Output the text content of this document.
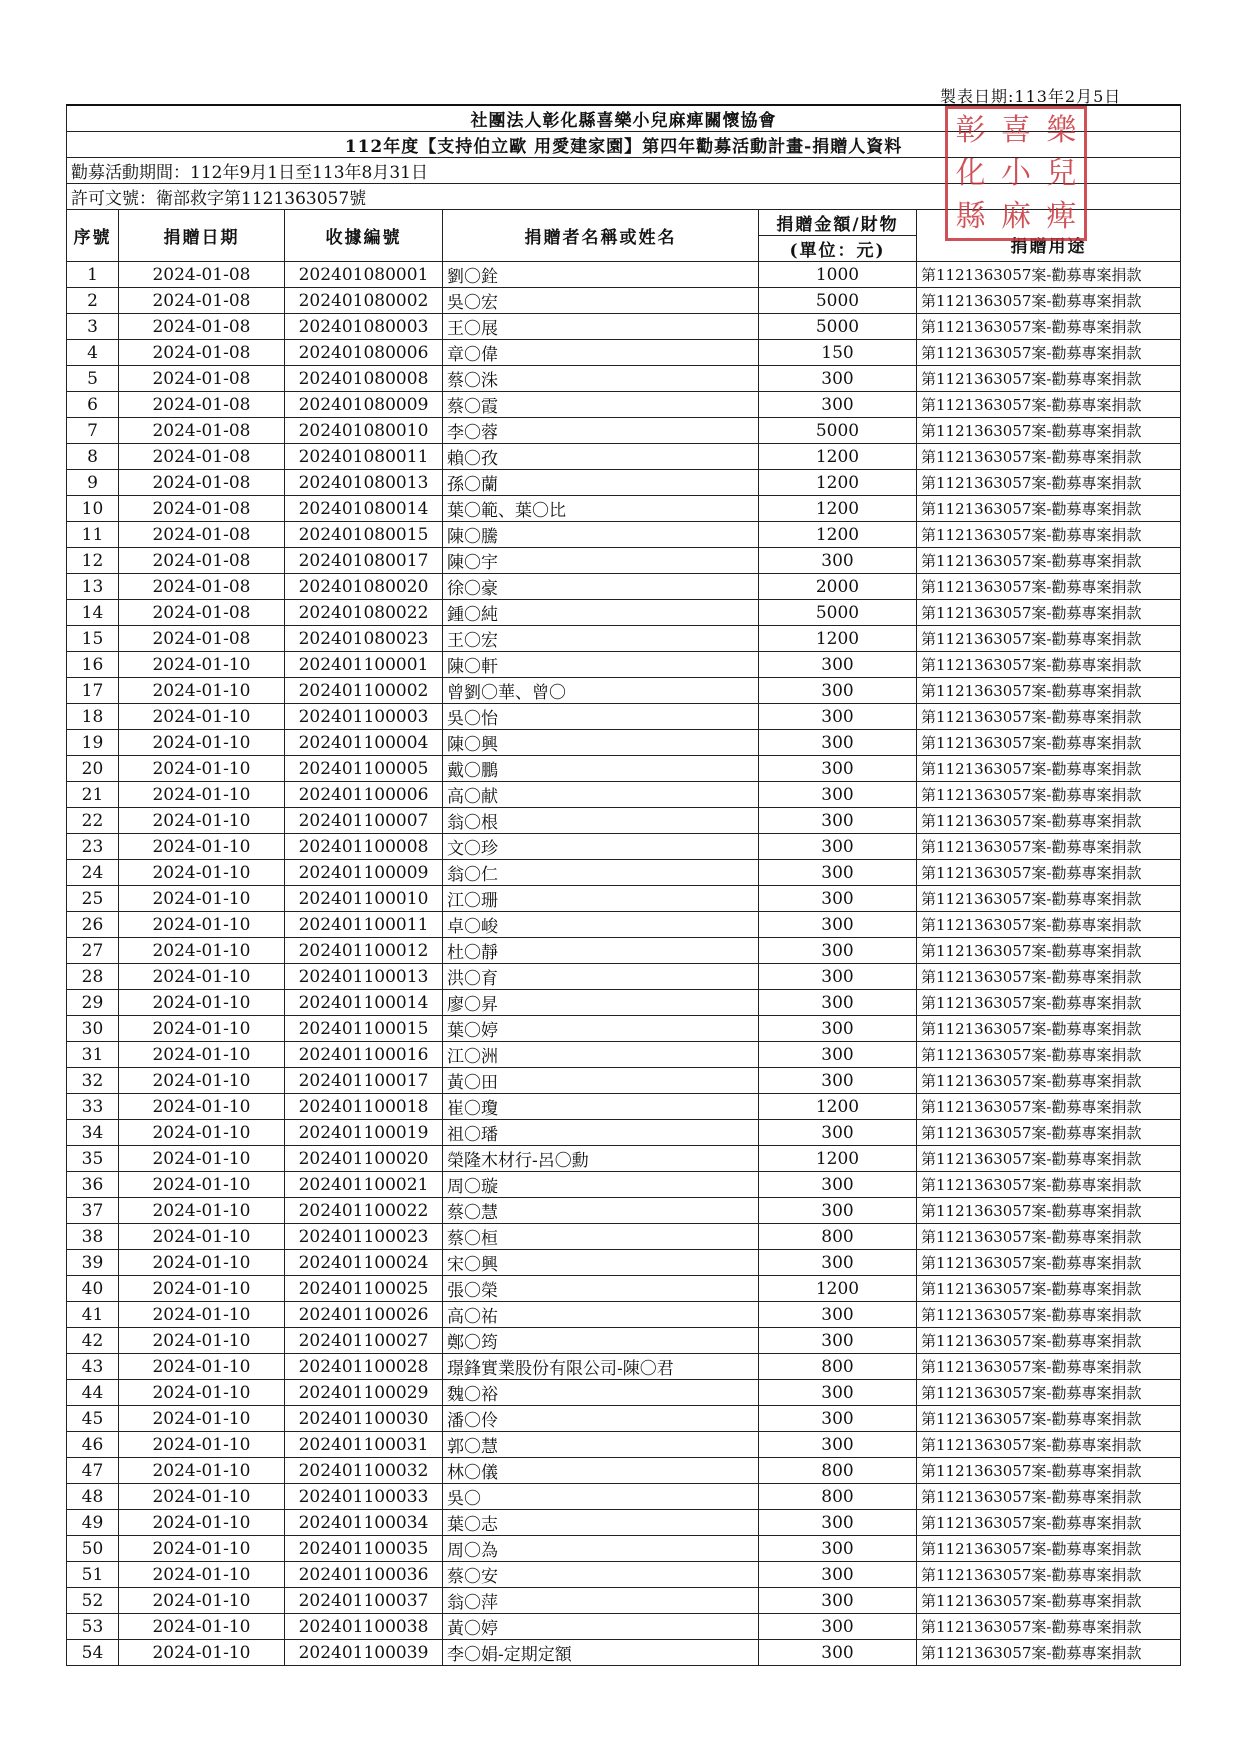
製表日期:113年2月5日
社團法人彰化縣喜樂小兒麻痺關懷協會					
112年度【支持伯立歐 用愛建家園】第四年勸募活動計畫-捐贈人資料					
勸募活動期間：112年9月1日至113年8月31日					
許可文號：衛部救字第1121363057號					
序號	捐贈日期	收據編號	捐贈者名稱或姓名	捐贈金額/財物	捐贈用途
				(單位：元)	
1	2024-01-08	202401080001	劉〇銓	1000	第1121363057案-勸募專案捐款
2	2024-01-08	202401080002	吳〇宏	5000	第1121363057案-勸募專案捐款
3	2024-01-08	202401080003	王〇展	5000	第1121363057案-勸募專案捐款
4	2024-01-08	202401080006	章〇偉	150	第1121363057案-勸募專案捐款
5	2024-01-08	202401080008	蔡〇洙	300	第1121363057案-勸募專案捐款
6	2024-01-08	202401080009	蔡〇霞	300	第1121363057案-勸募專案捐款
7	2024-01-08	202401080010	李〇蓉	5000	第1121363057案-勸募專案捐款
8	2024-01-08	202401080011	賴〇孜	1200	第1121363057案-勸募專案捐款
9	2024-01-08	202401080013	孫〇蘭	1200	第1121363057案-勸募專案捐款
10	2024-01-08	202401080014	葉〇範、葉〇比	1200	第1121363057案-勸募專案捐款
11	2024-01-08	202401080015	陳〇騰	1200	第1121363057案-勸募專案捐款
12	2024-01-08	202401080017	陳〇宇	300	第1121363057案-勸募專案捐款
13	2024-01-08	202401080020	徐〇豪	2000	第1121363057案-勸募專案捐款
14	2024-01-08	202401080022	鍾〇純	5000	第1121363057案-勸募專案捐款
15	2024-01-08	202401080023	王〇宏	1200	第1121363057案-勸募專案捐款
16	2024-01-10	202401100001	陳〇軒	300	第1121363057案-勸募專案捐款
17	2024-01-10	202401100002	曾劉〇華、曾〇	300	第1121363057案-勸募專案捐款
18	2024-01-10	202401100003	吳〇怡	300	第1121363057案-勸募專案捐款
19	2024-01-10	202401100004	陳〇興	300	第1121363057案-勸募專案捐款
20	2024-01-10	202401100005	戴〇鵬	300	第1121363057案-勸募專案捐款
21	2024-01-10	202401100006	高〇献	300	第1121363057案-勸募專案捐款
22	2024-01-10	202401100007	翁〇根	300	第1121363057案-勸募專案捐款
23	2024-01-10	202401100008	文〇珍	300	第1121363057案-勸募專案捐款
24	2024-01-10	202401100009	翁〇仁	300	第1121363057案-勸募專案捐款
25	2024-01-10	202401100010	江〇珊	300	第1121363057案-勸募專案捐款
26	2024-01-10	202401100011	卓〇峻	300	第1121363057案-勸募專案捐款
27	2024-01-10	202401100012	杜〇靜	300	第1121363057案-勸募專案捐款
28	2024-01-10	202401100013	洪〇育	300	第1121363057案-勸募專案捐款
29	2024-01-10	202401100014	廖〇昇	300	第1121363057案-勸募專案捐款
30	2024-01-10	202401100015	葉〇婷	300	第1121363057案-勸募專案捐款
31	2024-01-10	202401100016	江〇洲	300	第1121363057案-勸募專案捐款
32	2024-01-10	202401100017	黃〇田	300	第1121363057案-勸募專案捐款
33	2024-01-10	202401100018	崔〇瓊	1200	第1121363057案-勸募專案捐款
34	2024-01-10	202401100019	祖〇璠	300	第1121363057案-勸募專案捐款
35	2024-01-10	202401100020	榮隆木材行-呂〇勳	1200	第1121363057案-勸募專案捐款
36	2024-01-10	202401100021	周〇璇	300	第1121363057案-勸募專案捐款
37	2024-01-10	202401100022	蔡〇慧	300	第1121363057案-勸募專案捐款
38	2024-01-10	202401100023	蔡〇桓	800	第1121363057案-勸募專案捐款
39	2024-01-10	202401100024	宋〇興	300	第1121363057案-勸募專案捐款
40	2024-01-10	202401100025	張〇榮	1200	第1121363057案-勸募專案捐款
41	2024-01-10	202401100026	高〇祐	300	第1121363057案-勸募專案捐款
42	2024-01-10	202401100027	鄭〇筠	300	第1121363057案-勸募專案捐款
43	2024-01-10	202401100028	璟鋒實業股份有限公司-陳〇君	800	第1121363057案-勸募專案捐款
44	2024-01-10	202401100029	魏〇裕	300	第1121363057案-勸募專案捐款
45	2024-01-10	202401100030	潘〇伶	300	第1121363057案-勸募專案捐款
46	2024-01-10	202401100031	郭〇慧	300	第1121363057案-勸募專案捐款
47	2024-01-10	202401100032	林〇儀	800	第1121363057案-勸募專案捐款
48	2024-01-10	202401100033	吳〇	800	第1121363057案-勸募專案捐款
49	2024-01-10	202401100034	葉〇志	300	第1121363057案-勸募專案捐款
50	2024-01-10	202401100035	周〇為	300	第1121363057案-勸募專案捐款
51	2024-01-10	202401100036	蔡〇安	300	第1121363057案-勸募專案捐款
52	2024-01-10	202401100037	翁〇萍	300	第1121363057案-勸募專案捐款
53	2024-01-10	202401100038	黃〇婷	300	第1121363057案-勸募專案捐款
54	2024-01-10	202401100039	李〇娟-定期定額	300	第1121363057案-勸募專案捐款
彰 喜 樂
化 小 兒
縣 麻 痺
